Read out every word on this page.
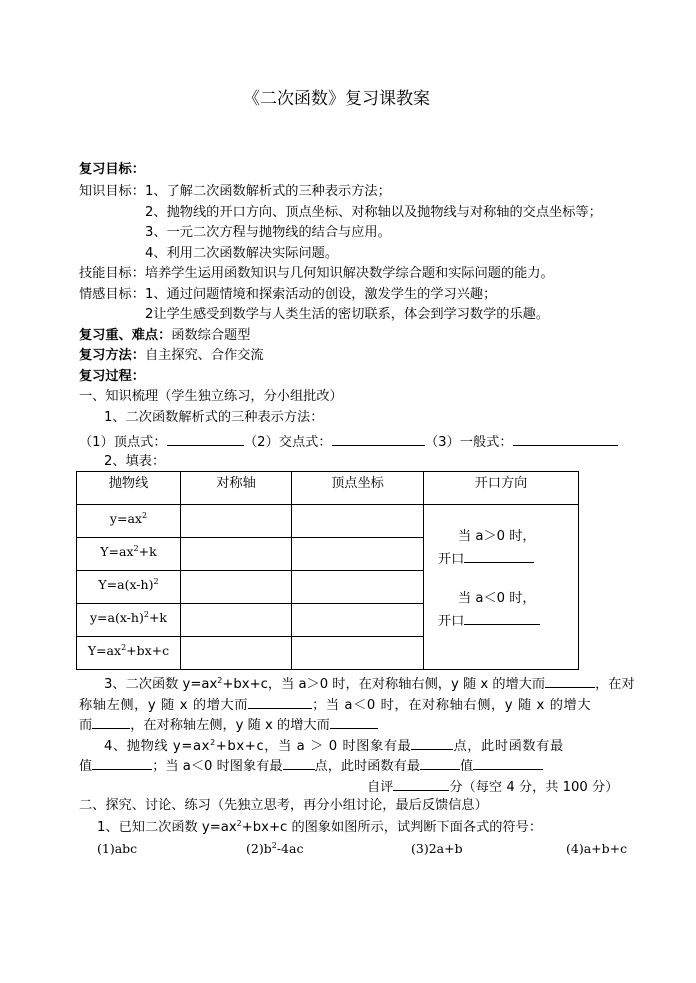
《二次函数》复习课教案
复习目标：
知识目标： 1、了解二次函数解析式的三种表示方法；
2、抛物线的开口方向、顶点坐标、对称轴以及抛物线与对称轴的交点坐标等；
3、一元二次方程与抛物线的结合与应用。
4、利用二次函数解决实际问题。
技能目标：培养学生运用函数知识与几何知识解决数学综合题和实际问题的能力。
情感目标： 1、通过问题情境和探索活动的创设，激发学生的学习兴趣；
2让学生感受到数学与人类生活的密切联系，体会到学习数学的乐趣。
复习重、难点：函数综合题型
复习方法：自主探究、合作交流
复习过程：
一、知识梳理（学生独立练习，分小组批改）
1、二次函数解析式的三种表示方法：
（1）顶点式：	（2）交点式：	（3）一般式：
2、填表：
抛物线	对称轴	顶点坐标	开口方向
$y=ax^2$
$Y=ax^2+k$
$Y=a(x-h)^2$
$y=a(x-h)^2+k$
$Y=ax^2+bx+c$
当 a＞0 时，
开口
当 a＜0 时，
开口
3、二次函数 $y=ax^2+bx+c$，当 a＞0 时，在对称轴右侧，y 随 x 的增大而	，在对
称轴左侧，y 随 x 的增大而	；当 a＜0 时，在对称轴右侧，y 随 x 的增大
而	，在对称轴左侧，y 随 x 的增大而
4、抛物线 $y=ax^2+bx+c$，当 a ＞ 0 时图象有最	点，此时函数有最
值	；当 a＜0 时图象有最 点，此时函数有最	值
自评	分（每空 4 分，共 100 分）
二、探究、讨论、练习（先独立思考，再分小组讨论，最后反馈信息）
1、已知二次函数 $y=ax^2+bx+c$ 的图象如图所示，试判断下面各式的符号：
(1)abc	$(2)b^2-4ac$	(3)2a+b	(4)a+b+c
